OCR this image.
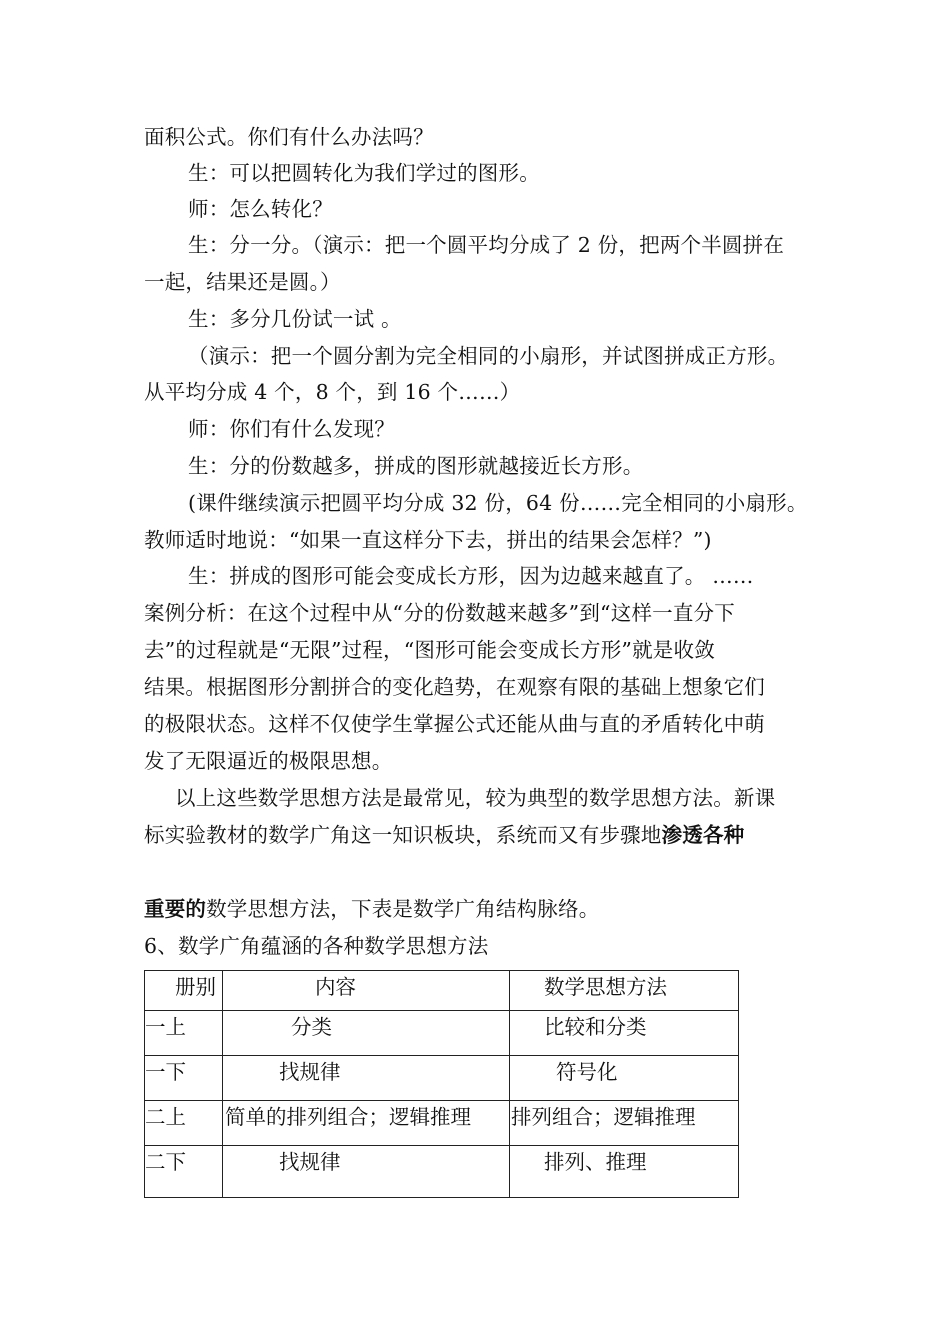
面积公式。你们有什么办法吗？
生：可以把圆转化为我们学过的图形。
师：怎么转化？
生：分一分。（演示：把一个圆平均分成了 2 份，把两个半圆拼在
一起，结果还是圆。）
生：多分几份试一试 。
（演示：把一个圆分割为完全相同的小扇形，并试图拼成正方形。
从平均分成 4 个，8 个，到 16 个……）
师：你们有什么发现？
生：分的份数越多，拼成的图形就越接近长方形。
(课件继续演示把圆平均分成 32 份，64 份……完全相同的小扇形。
教师适时地说：“如果一直这样分下去，拼出的结果会怎样？”)
生：拼成的图形可能会变成长方形，因为边越来越直了。 ……
案例分析：在这个过程中从“分的份数越来越多”到“这样一直分下
去”的过程就是“无限”过程，“图形可能会变成长方形”就是收敛
结果。根据图形分割拼合的变化趋势，在观察有限的基础上想象它们
的极限状态。这样不仅使学生掌握公式还能从曲与直的矛盾转化中萌
发了无限逼近的极限思想。
以上这些数学思想方法是最常见，较为典型的数学思想方法。新课
标实验教材的数学广角这一知识板块，系统而又有步骤地渗透各种
重要的数学思想方法，下表是数学广角结构脉络。
6、数学广角蕴涵的各种数学思想方法
册别	内容	数学思想方法

一上	分类	比较和分类

一下	找规律	符号化

二上	简单的排列组合；逻辑推理	排列组合；逻辑推理

二下	找规律	排列、推理
